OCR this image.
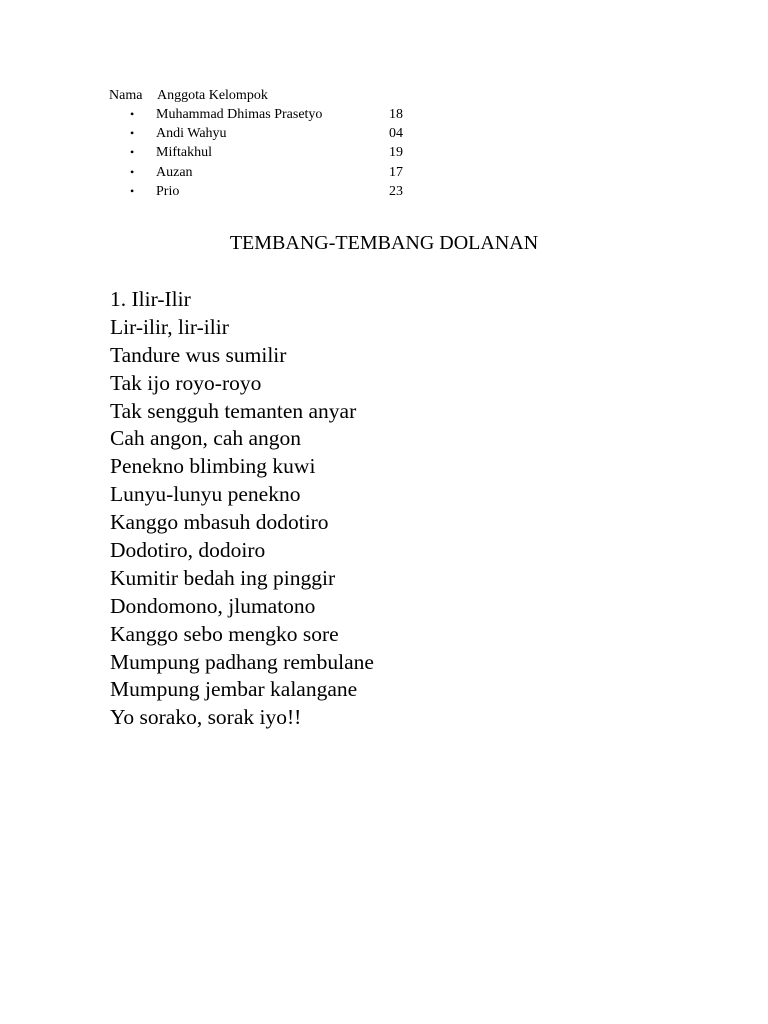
Nama Anggota Kelompok
•	Muhammad Dhimas Prasetyo	18
•	Andi Wahyu	04
•	Miftakhul	19
•	Auzan	17
•	Prio	23
TEMBANG-TEMBANG DOLANAN
1. Ilir-Ilir
Lir-ilir, lir-ilir
Tandure wus sumilir
Tak ijo royo-royo
Tak sengguh temanten anyar
Cah angon, cah angon
Penekno blimbing kuwi
Lunyu-lunyu penekno
Kanggo mbasuh dodotiro
Dodotiro, dodoiro
Kumitir bedah ing pinggir
Dondomono, jlumatono
Kanggo sebo mengko sore
Mumpung padhang rembulane
Mumpung jembar kalangane
Yo sorako, sorak iyo!!
